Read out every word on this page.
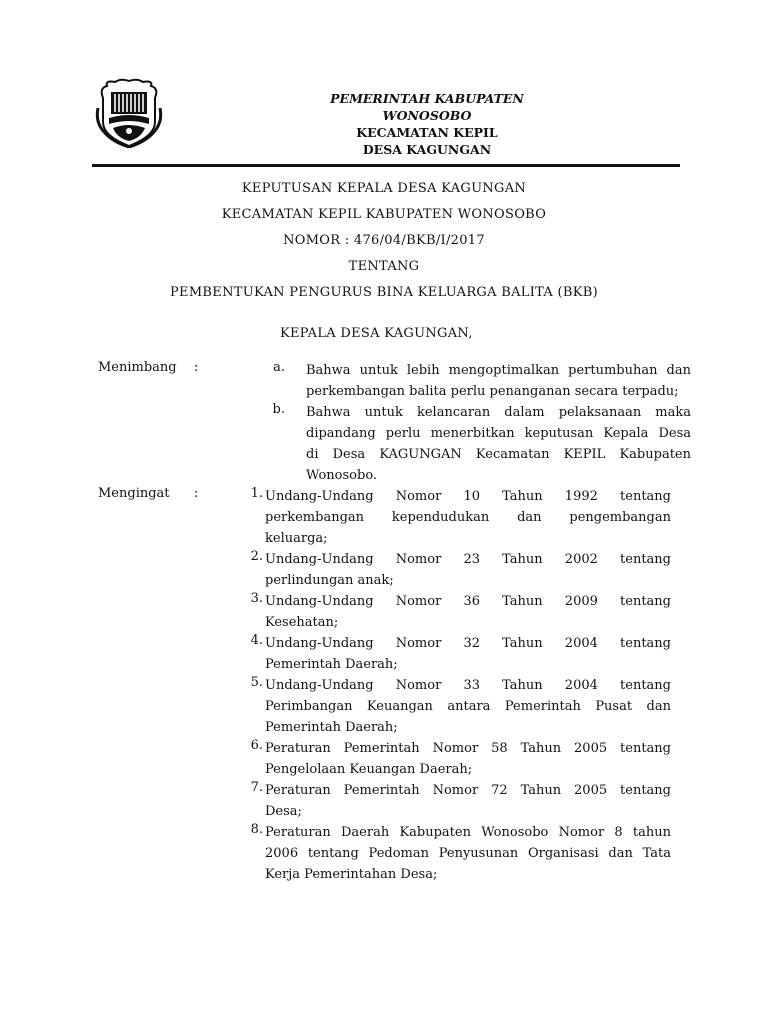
PEMERINTAH KABUPATEN WONOSOBO
KECAMATAN KEPIL
DESA KAGUNGAN
KEPUTUSAN KEPALA DESA KAGUNGAN
KECAMATAN KEPIL KABUPATEN WONOSOBO
NOMOR : 476/04/BKB/I/2017
TENTANG
PEMBENTUKAN PENGURUS BINA KELUARGA BALITA (BKB)
KEPALA DESA KAGUNGAN,
Menimbang	:	a. Bahwa untuk lebih mengoptimalkan pertumbuhan dan
perkembangan balita perlu penanganan secara terpadu;
b. Bahwa untuk kelancaran dalam pelaksanaan maka
dipandang perlu menerbitkan keputusan Kepala Desa
di Desa KAGUNGAN Kecamatan KEPIL Kabupaten
Wonosobo.
Mengingat	:	1. Undang-Undang Nomor 10 Tahun 1992 tentang
perkembangan kependudukan dan pengembangan
keluarga;
2. Undang-Undang Nomor 23 Tahun 2002 tentang
perlindungan anak;
3. Undang-Undang Nomor 36 Tahun 2009 tentang
Kesehatan;
4. Undang-Undang Nomor 32 Tahun 2004 tentang
Pemerintah Daerah;
5. Undang-Undang Nomor 33 Tahun 2004 tentang
Perimbangan Keuangan antara Pemerintah Pusat dan
Pemerintah Daerah;
6. Peraturan Pemerintah Nomor 58 Tahun 2005 tentang
Pengelolaan Keuangan Daerah;
7. Peraturan Pemerintah Nomor 72 Tahun 2005 tentang
Desa;
8. Peraturan Daerah Kabupaten Wonosobo Nomor 8 tahun
2006 tentang Pedoman Penyusunan Organisasi dan Tata
Kerja Pemerintahan Desa;
